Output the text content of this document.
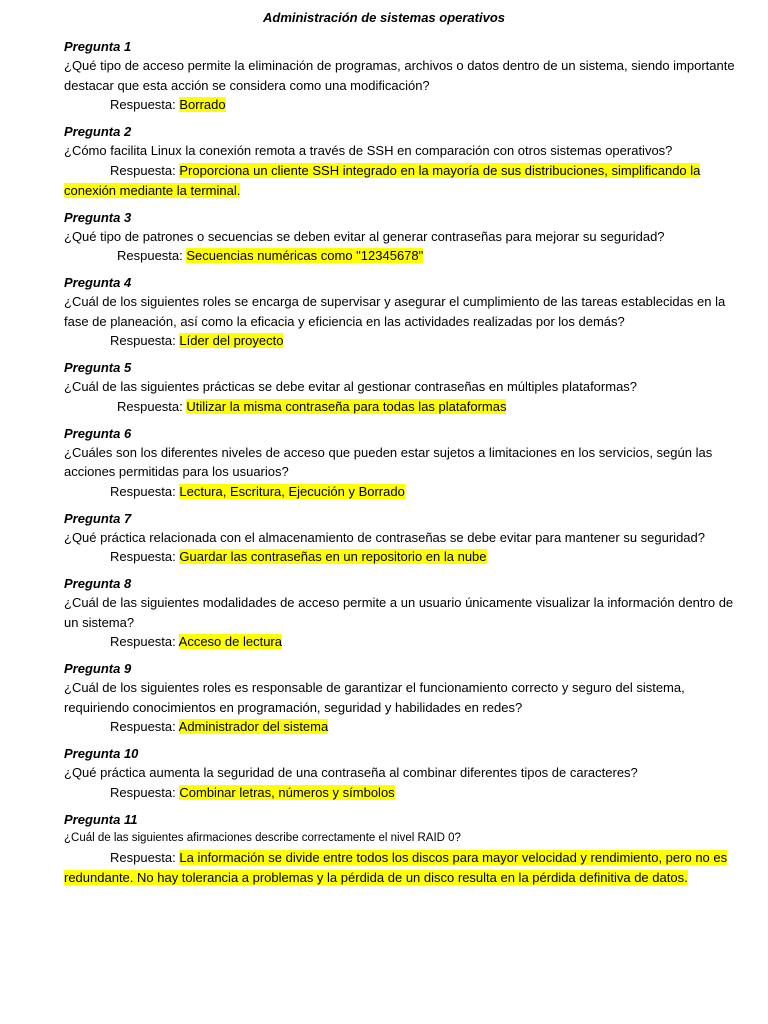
Administración de sistemas operativos
Pregunta 1
¿Qué tipo de acceso permite la eliminación de programas, archivos o datos dentro de un sistema, siendo importante destacar que esta acción se considera como una modificación?
Respuesta: Borrado
Pregunta 2
¿Cómo facilita Linux la conexión remota a través de SSH en comparación con otros sistemas operativos?
Respuesta: Proporciona un cliente SSH integrado en la mayoría de sus distribuciones, simplificando la conexión mediante la terminal.
Pregunta 3
¿Qué tipo de patrones o secuencias se deben evitar al generar contraseñas para mejorar su seguridad?
Respuesta: Secuencias numéricas como "12345678"
Pregunta 4
¿Cuál de los siguientes roles se encarga de supervisar y asegurar el cumplimiento de las tareas establecidas en la fase de planeación, así como la eficacia y eficiencia en las actividades realizadas por los demás?
Respuesta: Líder del proyecto
Pregunta 5
¿Cuál de las siguientes prácticas se debe evitar al gestionar contraseñas en múltiples plataformas?
Respuesta: Utilizar la misma contraseña para todas las plataformas
Pregunta 6
¿Cuáles son los diferentes niveles de acceso que pueden estar sujetos a limitaciones en los servicios, según las acciones permitidas para los usuarios?
Respuesta: Lectura, Escritura, Ejecución y Borrado
Pregunta 7
¿Qué práctica relacionada con el almacenamiento de contraseñas se debe evitar para mantener su seguridad?
Respuesta: Guardar las contraseñas en un repositorio en la nube
Pregunta 8
¿Cuál de las siguientes modalidades de acceso permite a un usuario únicamente visualizar la información dentro de un sistema?
Respuesta: Acceso de lectura
Pregunta 9
¿Cuál de los siguientes roles es responsable de garantizar el funcionamiento correcto y seguro del sistema, requiriendo conocimientos en programación, seguridad y habilidades en redes?
Respuesta: Administrador del sistema
Pregunta 10
¿Qué práctica aumenta la seguridad de una contraseña al combinar diferentes tipos de caracteres?
Respuesta: Combinar letras, números y símbolos
Pregunta 11
¿Cuál de las siguientes afirmaciones describe correctamente el nivel RAID 0?
Respuesta: La información se divide entre todos los discos para mayor velocidad y rendimiento, pero no es redundante. No hay tolerancia a problemas y la pérdida de un disco resulta en la pérdida definitiva de datos.
